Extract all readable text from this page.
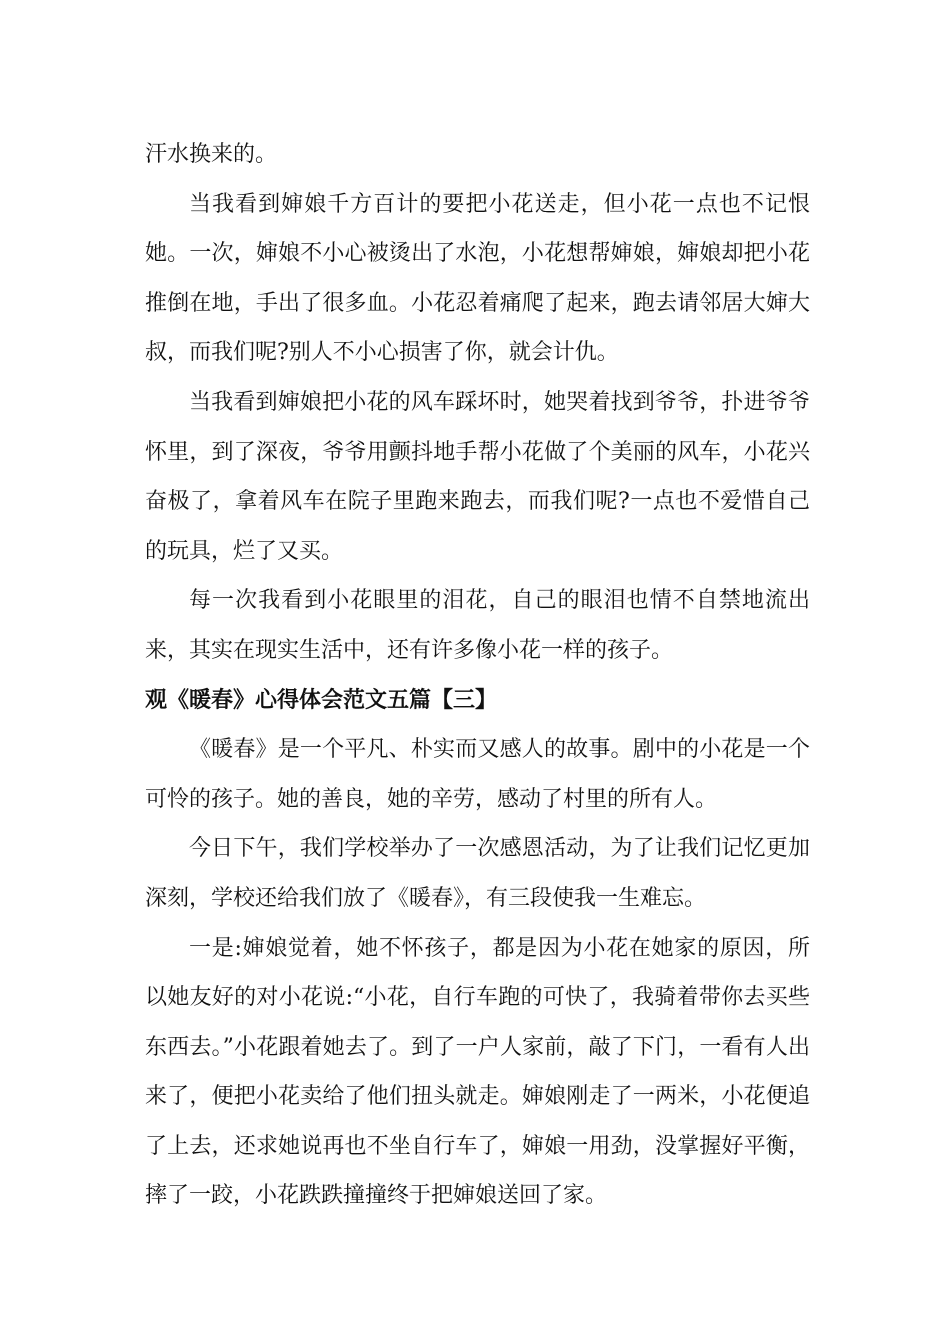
汗水换来的。

当我看到婶娘千方百计的要把小花送走，但小花一点也不记恨她。一次，婶娘不小心被烫出了水泡，小花想帮婶娘，婶娘却把小花推倒在地，手出了很多血。小花忍着痛爬了起来，跑去请邻居大婶大叔，而我们呢?别人不小心损害了你，就会计仇。

当我看到婶娘把小花的风车踩坏时，她哭着找到爷爷，扑进爷爷怀里，到了深夜，爷爷用颤抖地手帮小花做了个美丽的风车，小花兴奋极了，拿着风车在院子里跑来跑去，而我们呢?一点也不爱惜自己的玩具，烂了又买。

每一次我看到小花眼里的泪花，自己的眼泪也情不自禁地流出来，其实在现实生活中，还有许多像小花一样的孩子。

观《暖春》心得体会范文五篇【三】

《暖春》是一个平凡、朴实而又感人的故事。剧中的小花是一个可怜的孩子。她的善良，她的辛劳，感动了村里的所有人。

今日下午，我们学校举办了一次感恩活动，为了让我们记忆更加深刻，学校还给我们放了《暖春》，有三段使我一生难忘。

一是:婶娘觉着，她不怀孩子，都是因为小花在她家的原因，所以她友好的对小花说:“小花，自行车跑的可快了，我骑着带你去买些东西去。”小花跟着她去了。到了一户人家前，敲了下门，一看有人出来了，便把小花卖给了他们扭头就走。婶娘刚走了一两米，小花便追了上去，还求她说再也不坐自行车了，婶娘一用劲，没掌握好平衡，摔了一跤，小花跌跌撞撞终于把婶娘送回了家。
